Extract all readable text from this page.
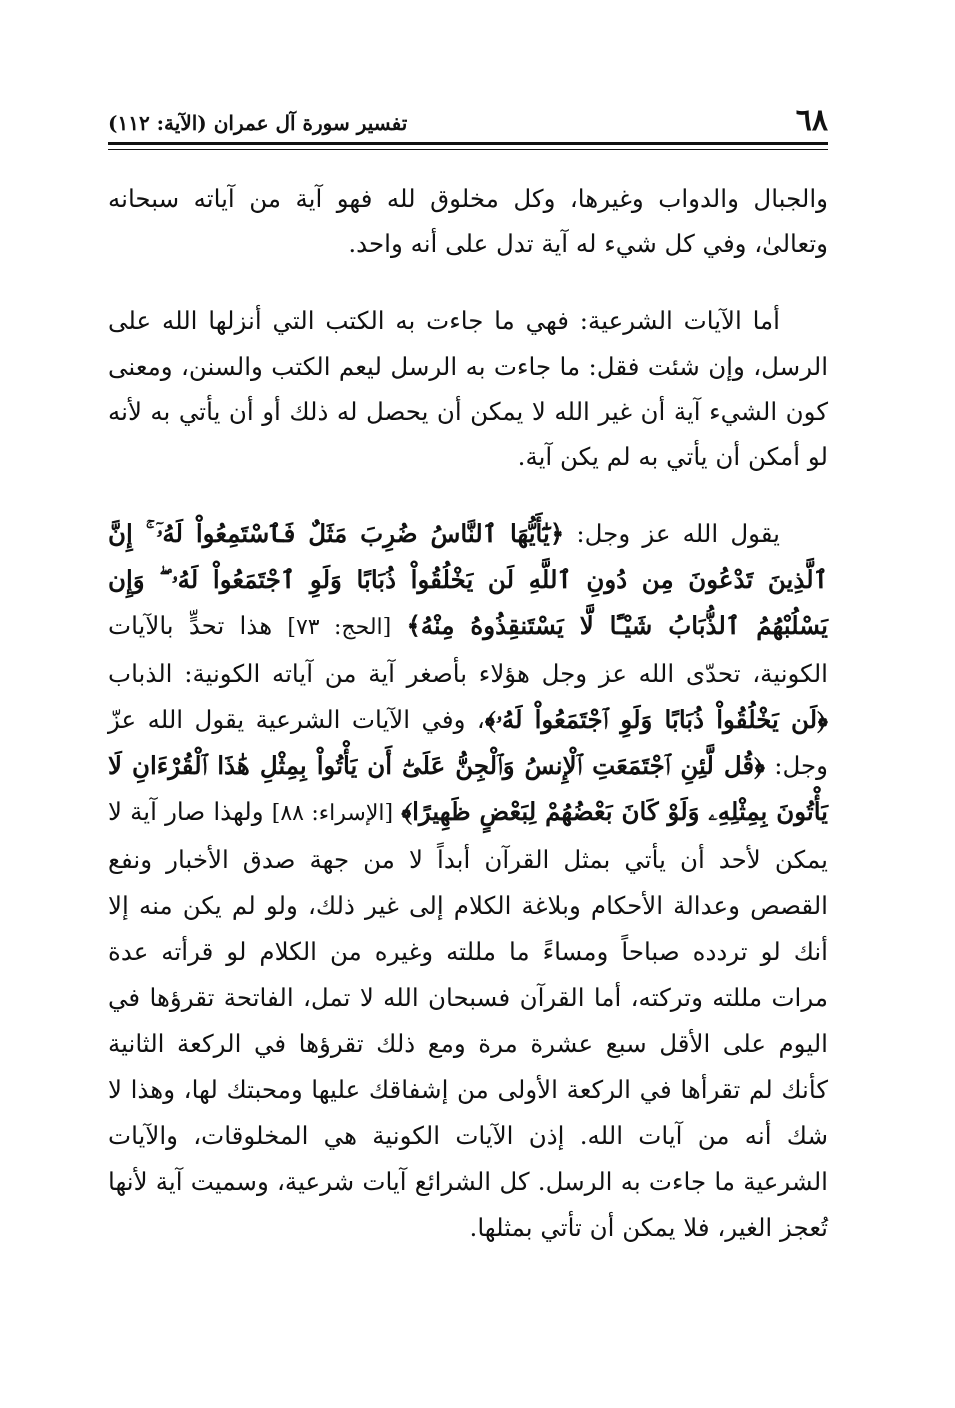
٦٨
تفسير سورة آل عمران (الآية: ١١٢)

والجبال والدواب وغيرها، وكل مخلوق لله فهو آية من آياته سبحانه وتعالىٰ، وفي كل شيء له آية تدل على أنه واحد.

أما الآيات الشرعية: فهي ما جاءت به الكتب التي أنزلها الله على الرسل، وإن شئت فقل: ما جاءت به الرسل ليعم الكتب والسنن، ومعنى كون الشيء آية أن غير الله لا يمكن أن يحصل له ذلك أو أن يأتي به لأنه لو أمكن أن يأتي به لم يكن آية.

يقول الله عز وجل: ﴿يَٰٓأَيُّهَا ٱلنَّاسُ ضُرِبَ مَثَلٌ فَٱسْتَمِعُواْ لَهُۥٓ ۚ إِنَّ ٱلَّذِينَ تَدْعُونَ مِن دُونِ ٱللَّهِ لَن يَخْلُقُواْ ذُبَابًا وَلَوِ ٱجْتَمَعُواْ لَهُۥ ۖ وَإِن يَسْلُبْهُمُ ٱلذُّبَابُ شَيْـًٔا لَّا يَسْتَنقِذُوهُ مِنْهُ﴾ [الحج: ٧٣] هذا تحدٍّ بالآيات الكونية، تحدّى الله عز وجل هؤلاء بأصغر آية من آياته الكونية: الذباب ﴿لَن يَخْلُقُواْ ذُبَابًا وَلَوِ ٱجْتَمَعُواْ لَهُۥ﴾، وفي الآيات الشرعية يقول الله عزّ وجل: ﴿قُل لَّئِنِ ٱجْتَمَعَتِ ٱلْإِنسُ وَٱلْجِنُّ عَلَىٰٓ أَن يَأْتُواْ بِمِثْلِ هَٰذَا ٱلْقُرْءَانِ لَا يَأْتُونَ بِمِثْلِهِۦ وَلَوْ كَانَ بَعْضُهُمْ لِبَعْضٍ ظَهِيرًا﴾ [الإسراء: ٨٨] ولهذا صار آية لا يمكن لأحد أن يأتي بمثل القرآن أبداً لا من جهة صدق الأخبار ونفع القصص وعدالة الأحكام وبلاغة الكلام إلى غير ذلك، ولو لم يكن منه إلا أنك لو تردده صباحاً ومساءً ما مللته وغيره من الكلام لو قرأته عدة مرات مللته وتركته، أما القرآن فسبحان الله لا تمل، الفاتحة تقرؤها في اليوم على الأقل سبع عشرة مرة ومع ذلك تقرؤها في الركعة الثانية كأنك لم تقرأها في الركعة الأولى من إشفاقك عليها ومحبتك لها، وهذا لا شك أنه من آيات الله. إذن الآيات الكونية هي المخلوقات، والآيات الشرعية ما جاءت به الرسل. كل الشرائع آيات شرعية، وسميت آية لأنها تُعجز الغير، فلا يمكن أن تأتي بمثلها.
